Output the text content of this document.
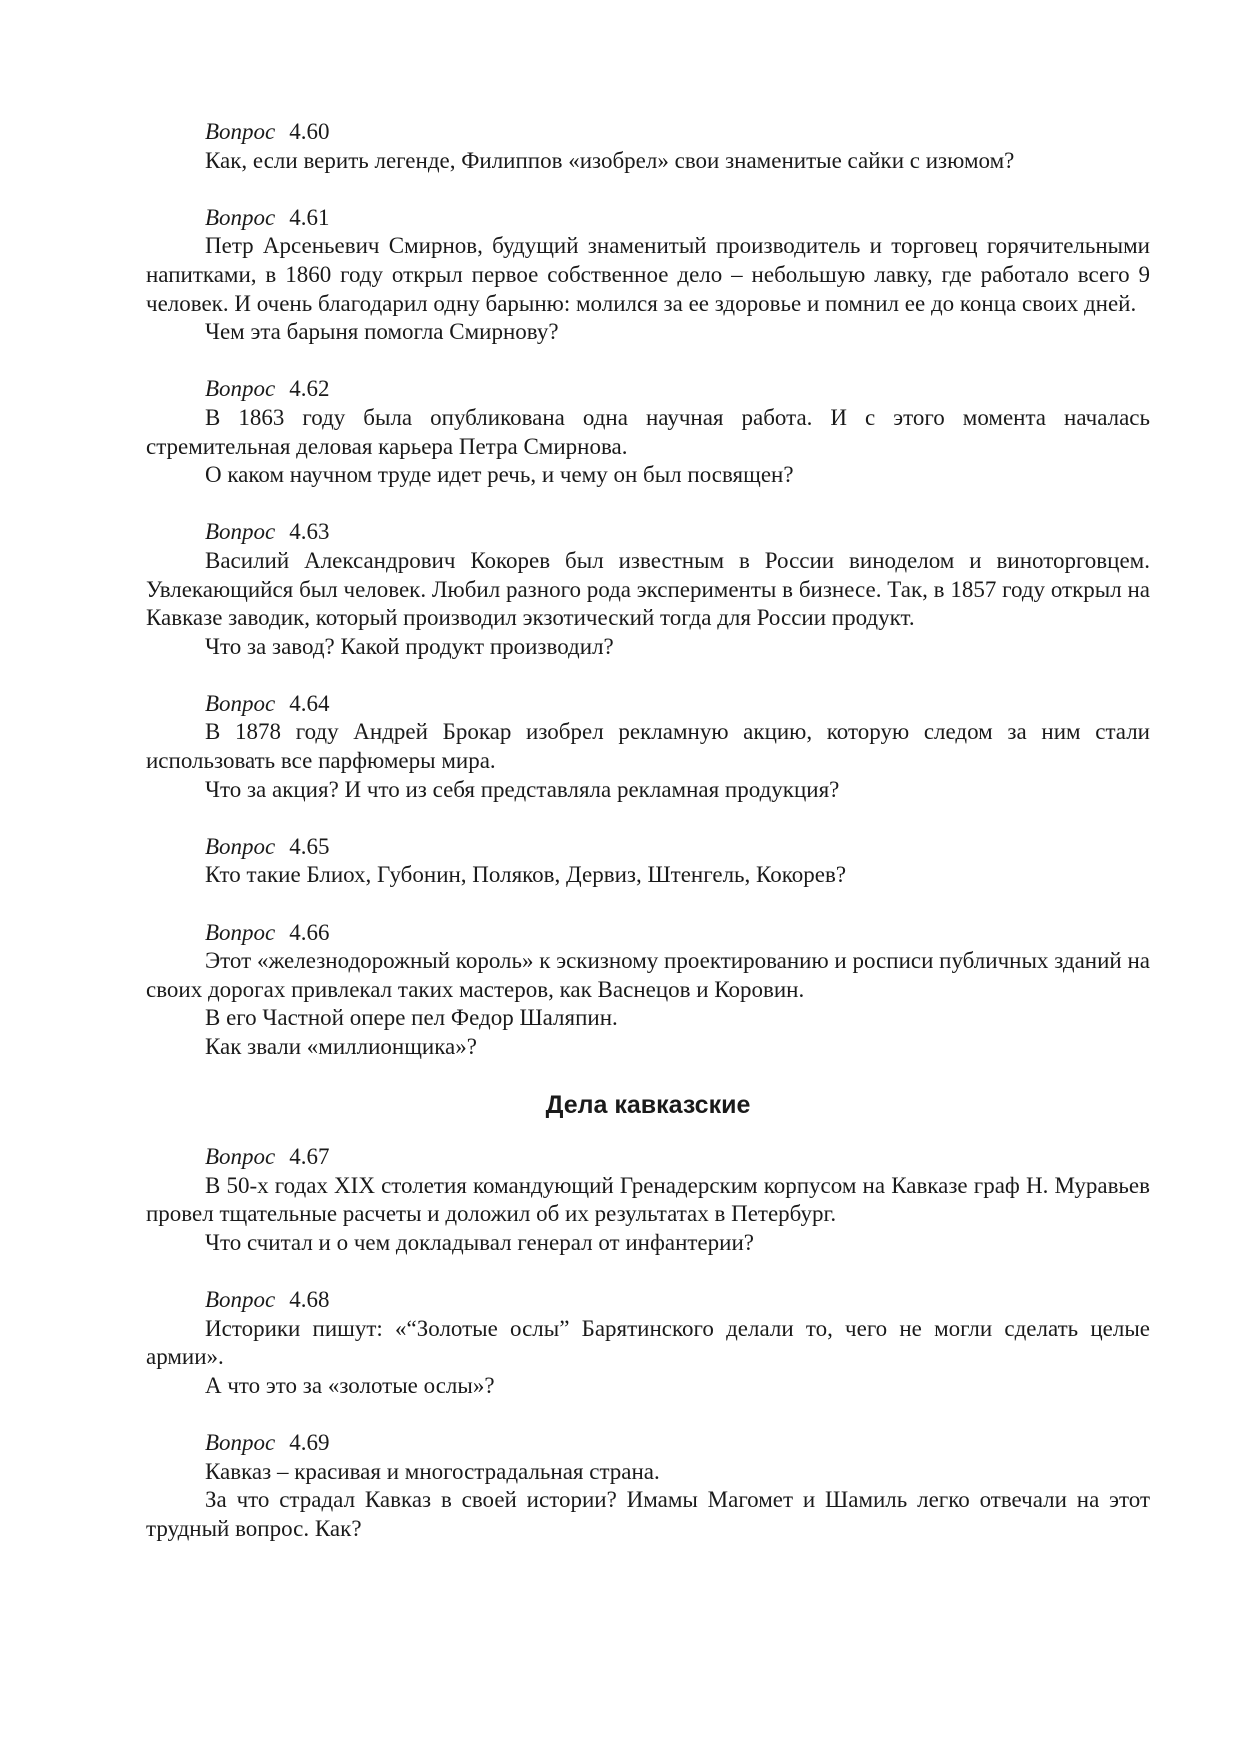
Вопрос 4.60
Как, если верить легенде, Филиппов «изобрел» свои знаменитые сайки с изюмом?
Вопрос 4.61
Петр Арсеньевич Смирнов, будущий знаменитый производитель и торговец горячительными напитками, в 1860 году открыл первое собственное дело – небольшую лавку, где работало всего 9 человек. И очень благодарил одну барыню: молился за ее здоровье и помнил ее до конца своих дней.
Чем эта барыня помогла Смирнову?
Вопрос 4.62
В 1863 году была опубликована одна научная работа. И с этого момента началась стремительная деловая карьера Петра Смирнова.
О каком научном труде идет речь, и чему он был посвящен?
Вопрос 4.63
Василий Александрович Кокорев был известным в России виноделом и виноторговцем. Увлекающийся был человек. Любил разного рода эксперименты в бизнесе. Так, в 1857 году открыл на Кавказе заводик, который производил экзотический тогда для России продукт.
Что за завод? Какой продукт производил?
Вопрос 4.64
В 1878 году Андрей Брокар изобрел рекламную акцию, которую следом за ним стали использовать все парфюмеры мира.
Что за акция? И что из себя представляла рекламная продукция?
Вопрос 4.65
Кто такие Блиох, Губонин, Поляков, Дервиз, Штенгель, Кокорев?
Вопрос 4.66
Этот «железнодорожный король» к эскизному проектированию и росписи публичных зданий на своих дорогах привлекал таких мастеров, как Васнецов и Коровин.
В его Частной опере пел Федор Шаляпин.
Как звали «миллионщика»?
Дела кавказские
Вопрос 4.67
В 50-х годах XIX столетия командующий Гренадерским корпусом на Кавказе граф Н. Муравьев провел тщательные расчеты и доложил об их результатах в Петербург.
Что считал и о чем докладывал генерал от инфантерии?
Вопрос 4.68
Историки пишут: «“Золотые ослы” Барятинского делали то, чего не могли сделать целые армии».
А что это за «золотые ослы»?
Вопрос 4.69
Кавказ – красивая и многострадальная страна.
За что страдал Кавказ в своей истории? Имамы Магомет и Шамиль легко отвечали на этот трудный вопрос. Как?
